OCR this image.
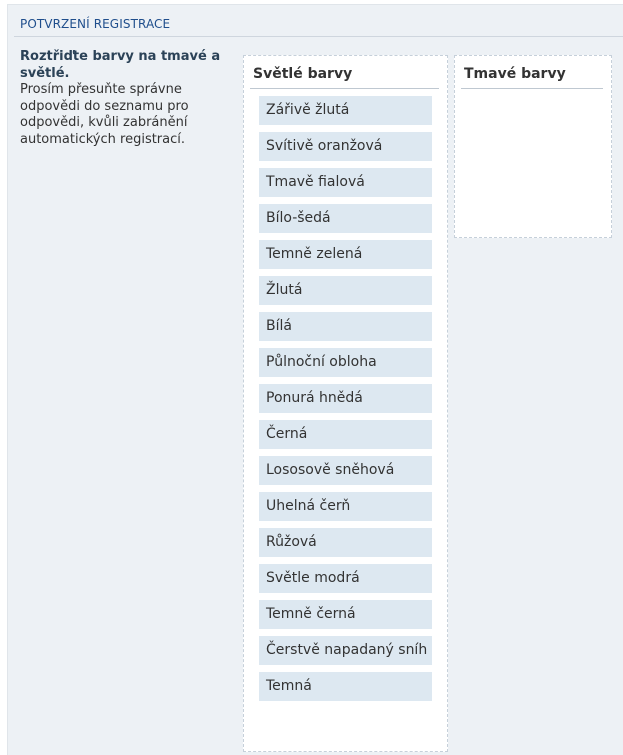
POTVRZENÍ REGISTRACE
Roztřiďte barvy na tmavé a světlé.
Prosím přesuňte správne odpovědi do seznamu pro odpovědi, kvůli zabránění automatických registrací.
Světlé barvy
Zářivě žlutá
Svítivě oranžová
Tmavě fialová
Bílo-šedá
Temně zelená
Žlutá
Bílá
Půlnoční obloha
Ponurá hnědá
Černá
Lososově sněhová
Uhelná čerň
Růžová
Světle modrá
Temně černá
Čerstvě napadaný sníh
Temná
Tmavé barvy
